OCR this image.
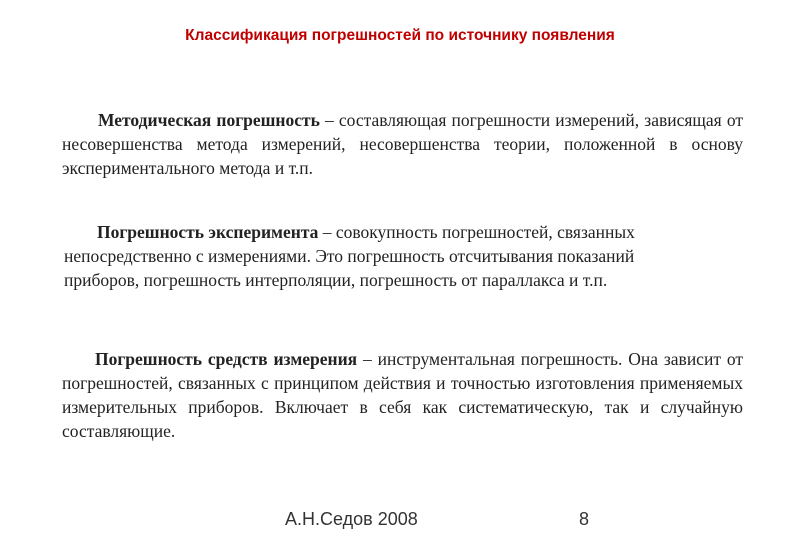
Классификация погрешностей по источнику появления

Методическая погрешность – составляющая погрешности измерений, зависящая от несовершенства метода измерений, несовершенства теории, положенной в основу экспериментального метода и т.п.

Погрешность эксперимента – совокупность погрешностей, связанных
непосредственно с измерениями. Это погрешность отсчитывания показаний
приборов, погрешность интерполяции, погрешность от параллакса и т.п.

Погрешность средств измерения – инструментальная погрешность. Она зависит от погрешностей, связанных с принципом действия и точностью изготовления применяемых измерительных приборов. Включает в себя как систематическую, так и случайную составляющие.

А.Н.Седов 2008	8
